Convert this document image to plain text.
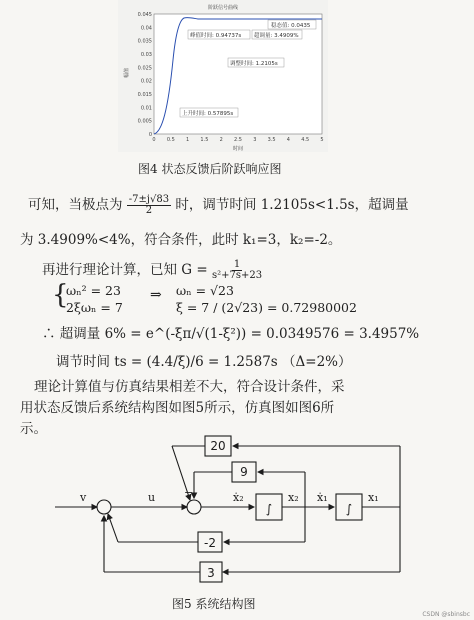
阶跃信号曲线
0.045
0.04
0.035
0.03
0.025
0.02
0.015
0.01
0.005
0
0 0.5 1 1.5 2 2.5 3 3.5 4 4.5 5
幅值
时间
稳态值: 0.0435
峰值时间: 0.94737s 超调量: 3.4909%
调整时间: 1.2105s
上升时间: 0.57895s
图4 状态反馈后阶跃响应图
可知，当极点为 $\frac{-7\pm j√83}{2}$ 时，调节时间 1.2105s<1.5s，超调量
为 3.4909%<4%，符合条件，此时 k₁=3，k₂=-2。
再进行理论计算，已知 $G = \frac{1}{\text{s²+7s+23}}$
{
ωₙ² = 23
2ξωₙ = 7
⇒ ωₙ = √23
ξ = 7 / (2√23) = 0.72980002
∴ 超调量 6% = e^(-ξπ/√(1-ξ²)) = 0.0349576 = 3.4957%
调节时间 ts = (4.4/ξ)/6 = 1.2587s （Δ=2%）
理论计算值与仿真结果相差不大，符合设计条件，采
用状态反馈后系统结构图如图5所示，仿真图如图6所
示。
20
9
-2
3
∫	∫
v	u	ẋ₂	x₂ ẋ₁	x₁
−
图5 系统结构图
CSDN @sbinsbc
